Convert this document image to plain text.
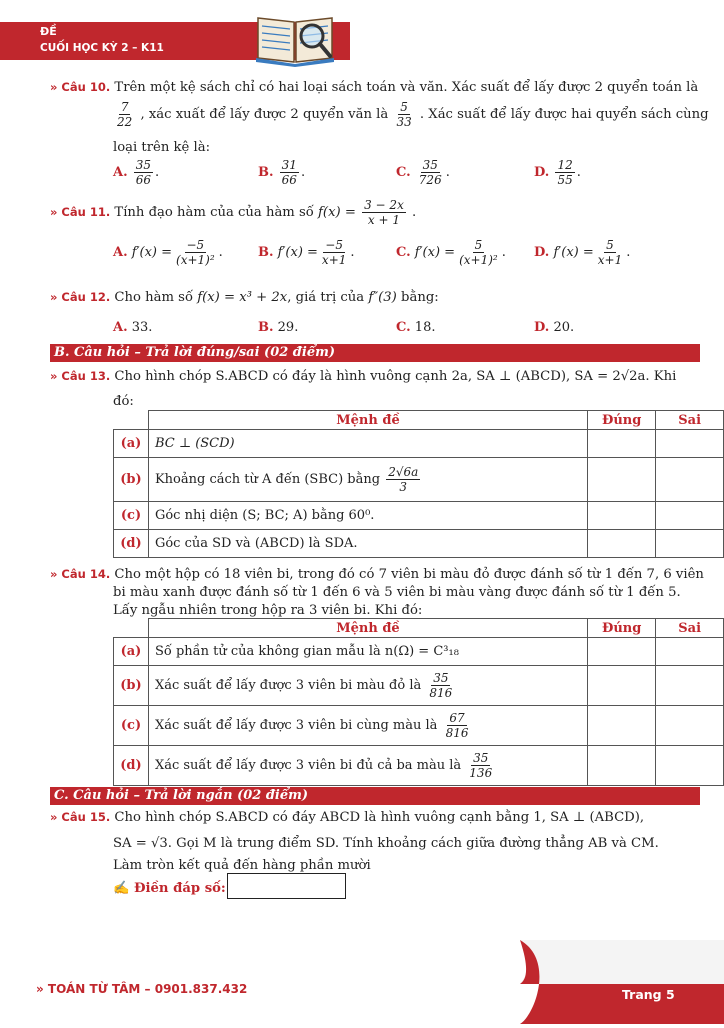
ĐỀ
CUỐI HỌC KỲ 2 – K11
» Câu 10. Trên một kệ sách chỉ có hai loại sách toán và văn. Xác suất để lấy được 2 quyển toán là
$\frac{7}{22}$ , xác xuất để lấy được 2 quyển văn là $\frac{5}{33}$ . Xác suất để lấy được hai quyển sách cùng
loại trên kệ là:
A. $\frac{35}{66}$ .	B. $\frac{31}{66}$ .	C. $\frac{35}{726}$ .	D. $\frac{12}{55}$ .
» Câu 11. Tính đạo hàm của của hàm số $f(x) = \frac{3 - 2x}{x + 1}$ .
A. $f'(x) = \frac{-5}{\text{(x+1)²}}$ .	B. $f'(x) = \frac{-5}{x+1}$ .	C. $f'(x) = \frac{5}{\text{(x+1)²}}$ . D. $f'(x) = \frac{5}{x+1}$ .
» Câu 12. Cho hàm số f(x) = x³ + 2x, giá trị của f″(3) bằng:
A. 33.	B. 29.	C. 18.	D. 20.
B. Câu hỏi – Trả lời đúng/sai (02 điểm)
» Câu 13. Cho hình chóp S.ABCD có đáy là hình vuông cạnh 2a, SA ⊥ (ABCD), SA = 2√2a. Khi
đó:
	Mệnh đề	Đúng	Sai
(a)	BC ⊥ (SCD)		
(b)	Khoảng cách từ A đến (SBC) bằng $\frac{2√6a}{3}$

(c)	Góc nhị diện (S; BC; A) bằng 60⁰.		
(d)	Góc của SD và (ABCD) là SDA.		
» Câu 14. Cho một hộp có 18 viên bi, trong đó có 7 viên bi màu đỏ được đánh số từ 1 đến 7, 6 viên
bi màu xanh được đánh số từ 1 đến 6 và 5 viên bi màu vàng được đánh số từ 1 đến 5.
Lấy ngẫu nhiên trong hộp ra 3 viên bi. Khi đó:
	Mệnh đề	Đúng	Sai
(a)	Số phần tử của không gian mẫu là n(Ω) = C³₁₈		
(b)	Xác suất để lấy được 3 viên bi màu đỏ là $\frac{35}{816}$

(c)	Xác suất để lấy được 3 viên bi cùng màu là $\frac{67}{816}$

(d)	Xác suất để lấy được 3 viên bi đủ cả ba màu là $\frac{35}{136}$

C. Câu hỏi – Trả lời ngắn (02 điểm)
» Câu 15. Cho hình chóp S.ABCD có đáy ABCD là hình vuông cạnh bằng 1, SA ⊥ (ABCD),
SA = √3. Gọi M là trung điểm SD. Tính khoảng cách giữa đường thẳng AB và CM.
Làm tròn kết quả đến hàng phần mười
✍ Điền đáp số:
» TOÁN TỪ TÂM – 0901.837.432	Trang 5
